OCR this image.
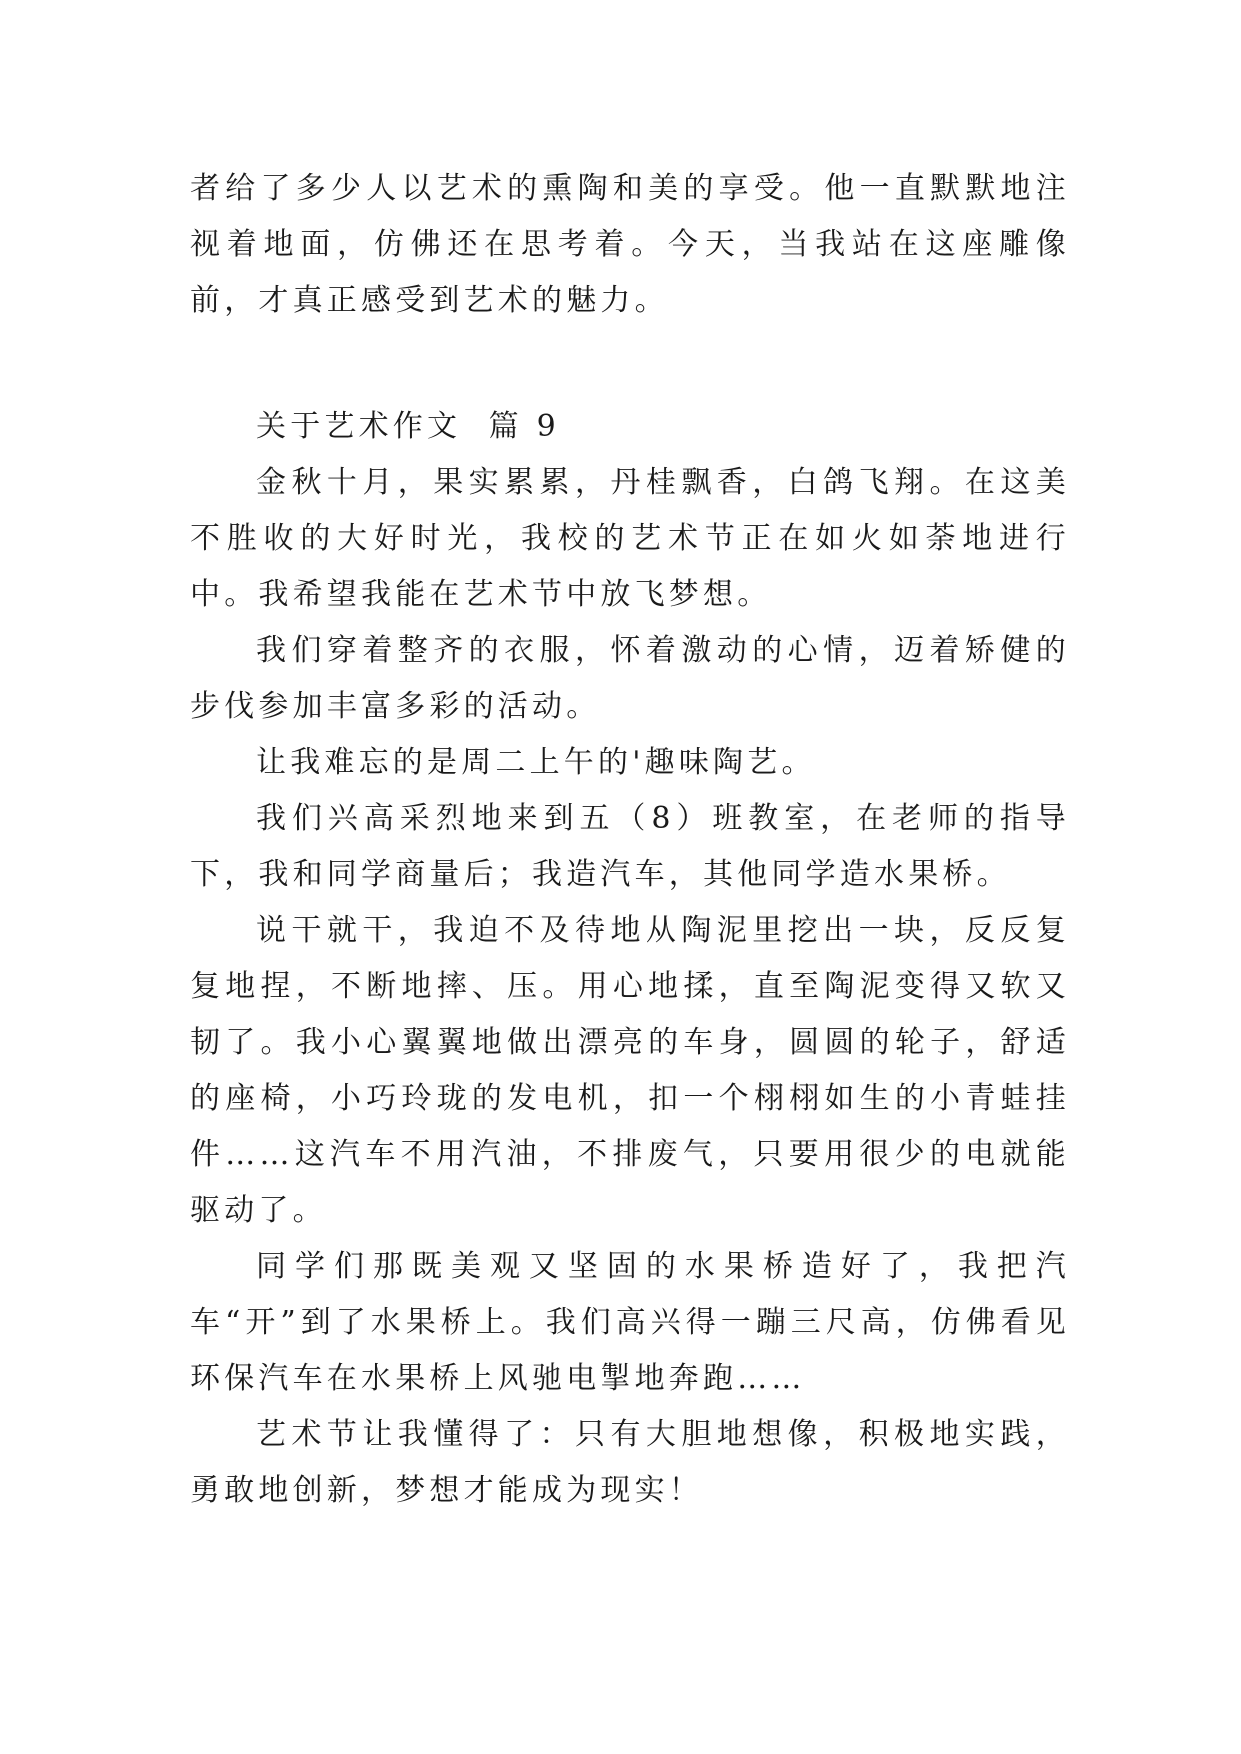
者给了多少人以艺术的熏陶和美的享受。他一直默默地注视着地面，仿佛还在思考着。今天，当我站在这座雕像前，才真正感受到艺术的魅力。

关于艺术作文  篇 9

金秋十月，果实累累，丹桂飘香，白鸽飞翔。在这美不胜收的大好时光，我校的艺术节正在如火如荼地进行中。我希望我能在艺术节中放飞梦想。

我们穿着整齐的衣服，怀着激动的心情，迈着矫健的步伐参加丰富多彩的活动。

让我难忘的是周二上午的'趣味陶艺。

我们兴高采烈地来到五（8）班教室，在老师的指导下，我和同学商量后；我造汽车，其他同学造水果桥。

说干就干，我迫不及待地从陶泥里挖出一块，反反复复地捏，不断地摔、压。用心地揉，直至陶泥变得又软又韧了。我小心翼翼地做出漂亮的车身，圆圆的轮子，舒适的座椅，小巧玲珑的发电机，扣一个栩栩如生的小青蛙挂件……这汽车不用汽油，不排废气，只要用很少的电就能驱动了。

同学们那既美观又坚固的水果桥造好了，我把汽车“开”到了水果桥上。我们高兴得一蹦三尺高，仿佛看见环保汽车在水果桥上风驰电掣地奔跑……

艺术节让我懂得了：只有大胆地想像，积极地实践，勇敢地创新，梦想才能成为现实！
